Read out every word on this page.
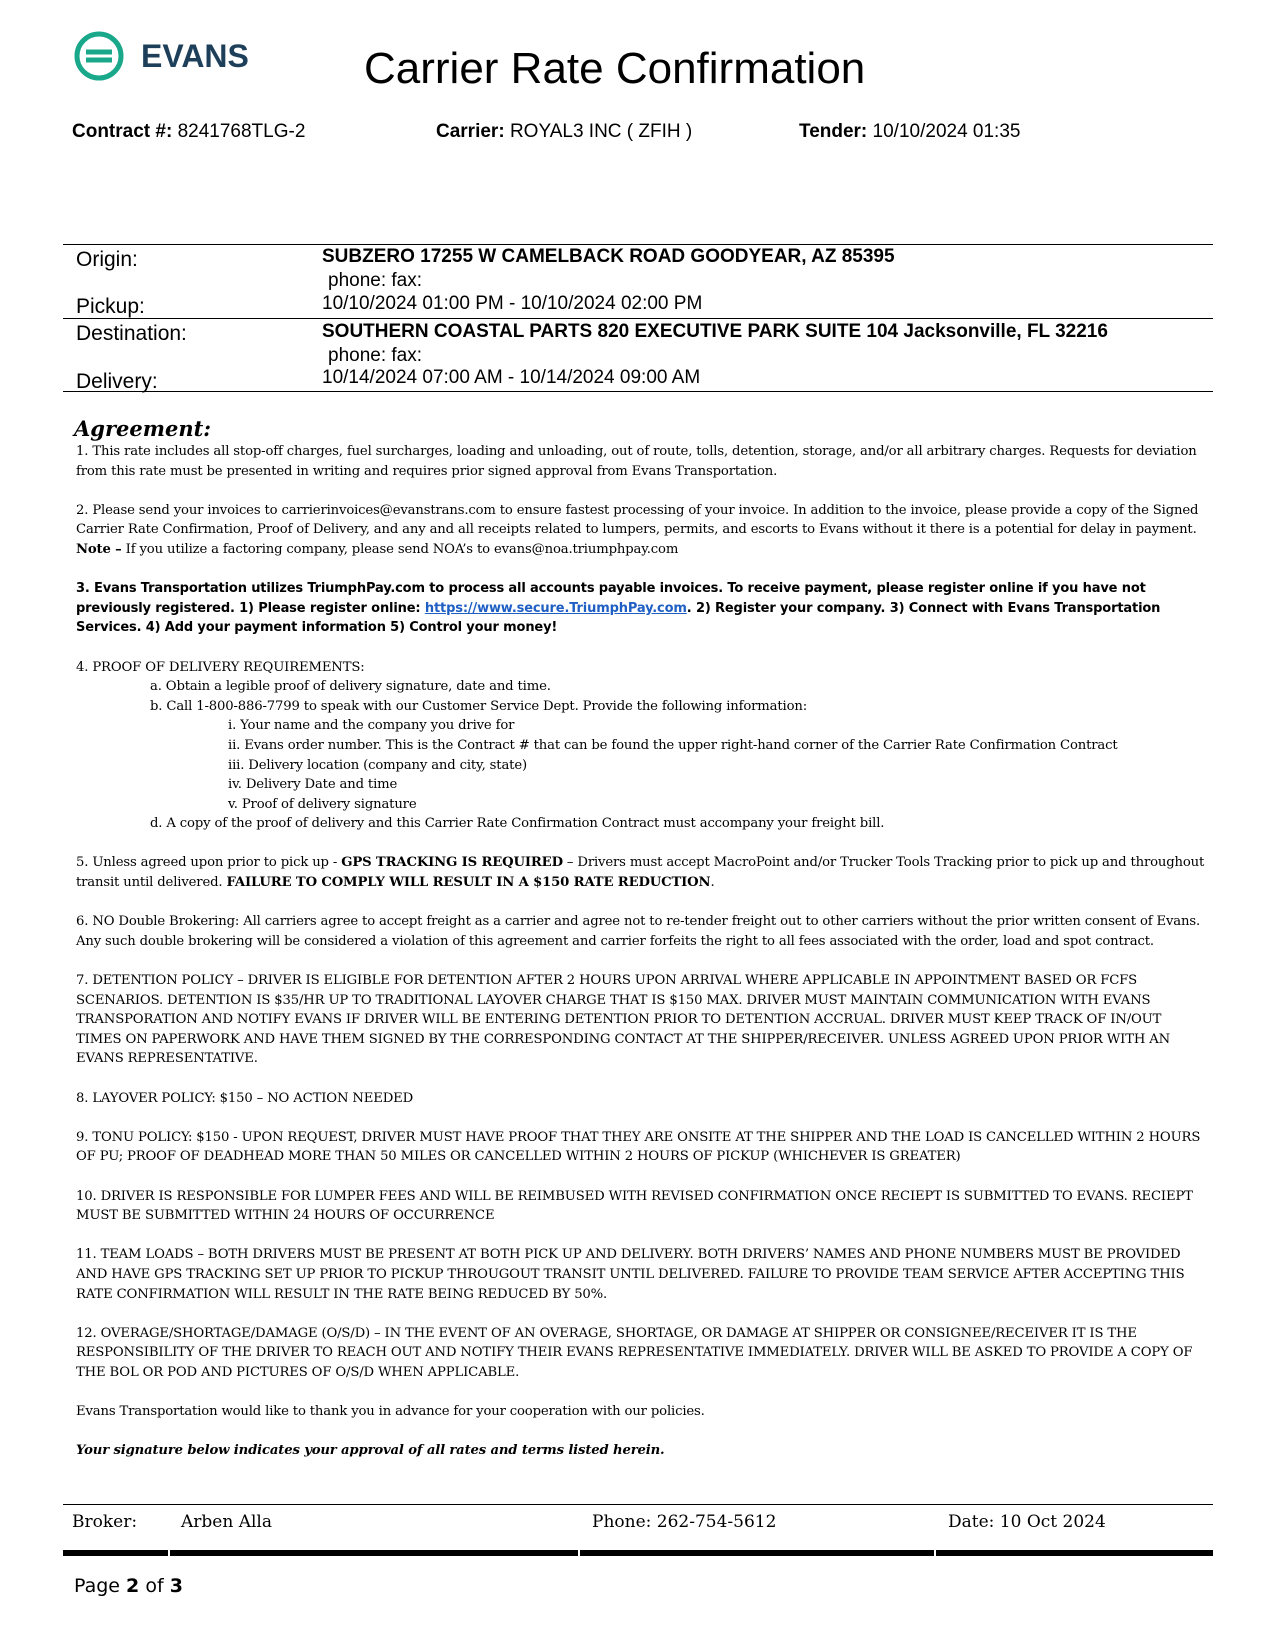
EVANS	Carrier Rate Confirmation
Contract #: 8241768TLG-2	Carrier: ROYAL3 INC ( ZFIH )	Tender: 10/10/2024 01:35
Origin:	SUBZERO 17255 W CAMELBACK ROAD GOODYEAR, AZ 85395
phone: fax:
Pickup:	10/10/2024 01:00 PM - 10/10/2024 02:00 PM
Destination:	SOUTHERN COASTAL PARTS 820 EXECUTIVE PARK SUITE 104 Jacksonville, FL 32216
phone: fax:
Delivery:	10/14/2024 07:00 AM - 10/14/2024 09:00 AM
Agreement:

1. This rate includes all stop-off charges, fuel surcharges, loading and unloading, out of route, tolls, detention, storage, and/or all arbitrary charges. Requests for deviation from this rate must be presented in writing and requires prior signed approval from Evans Transportation.

2. Please send your invoices to carrierinvoices@evanstrans.com to ensure fastest processing of your invoice. In addition to the invoice, please provide a copy of the Signed Carrier Rate Confirmation, Proof of Delivery, and any and all receipts related to lumpers, permits, and escorts to Evans without it there is a potential for delay in payment. Note – If you utilize a factoring company, please send NOA’s to evans@noa.triumphpay.com

3. Evans Transportation utilizes TriumphPay.com to process all accounts payable invoices. To receive payment, please register online if you have not previously registered. 1) Please register online: https://www.secure.TriumphPay.com. 2) Register your company. 3) Connect with Evans Transportation Services. 4) Add your payment information 5) Control your money!

4. PROOF OF DELIVERY REQUIREMENTS:
a. Obtain a legible proof of delivery signature, date and time.
b. Call 1-800-886-7799 to speak with our Customer Service Dept. Provide the following information:
i. Your name and the company you drive for
ii. Evans order number. This is the Contract # that can be found the upper right-hand corner of the Carrier Rate Confirmation Contract
iii. Delivery location (company and city, state)
iv. Delivery Date and time
v. Proof of delivery signature
d. A copy of the proof of delivery and this Carrier Rate Confirmation Contract must accompany your freight bill.

5. Unless agreed upon prior to pick up - GPS TRACKING IS REQUIRED – Drivers must accept MacroPoint and/or Trucker Tools Tracking prior to pick up and throughout transit until delivered. FAILURE TO COMPLY WILL RESULT IN A $150 RATE REDUCTION.

6. NO Double Brokering: All carriers agree to accept freight as a carrier and agree not to re-tender freight out to other carriers without the prior written consent of Evans. Any such double brokering will be considered a violation of this agreement and carrier forfeits the right to all fees associated with the order, load and spot contract.

7. DETENTION POLICY – DRIVER IS ELIGIBLE FOR DETENTION AFTER 2 HOURS UPON ARRIVAL WHERE APPLICABLE IN APPOINTMENT BASED OR FCFS SCENARIOS. DETENTION IS $35/HR UP TO TRADITIONAL LAYOVER CHARGE THAT IS $150 MAX. DRIVER MUST MAINTAIN COMMUNICATION WITH EVANS TRANSPORATION AND NOTIFY EVANS IF DRIVER WILL BE ENTERING DETENTION PRIOR TO DETENTION ACCRUAL. DRIVER MUST KEEP TRACK OF IN/OUT TIMES ON PAPERWORK AND HAVE THEM SIGNED BY THE CORRESPONDING CONTACT AT THE SHIPPER/RECEIVER. UNLESS AGREED UPON PRIOR WITH AN EVANS REPRESENTATIVE.

8. LAYOVER POLICY: $150 – NO ACTION NEEDED

9. TONU POLICY: $150 - UPON REQUEST, DRIVER MUST HAVE PROOF THAT THEY ARE ONSITE AT THE SHIPPER AND THE LOAD IS CANCELLED WITHIN 2 HOURS OF PU; PROOF OF DEADHEAD MORE THAN 50 MILES OR CANCELLED WITHIN 2 HOURS OF PICKUP (WHICHEVER IS GREATER)

10. DRIVER IS RESPONSIBLE FOR LUMPER FEES AND WILL BE REIMBUSED WITH REVISED CONFIRMATION ONCE RECIEPT IS SUBMITTED TO EVANS. RECIEPT MUST BE SUBMITTED WITHIN 24 HOURS OF OCCURRENCE

11. TEAM LOADS – BOTH DRIVERS MUST BE PRESENT AT BOTH PICK UP AND DELIVERY. BOTH DRIVERS’ NAMES AND PHONE NUMBERS MUST BE PROVIDED AND HAVE GPS TRACKING SET UP PRIOR TO PICKUP THROUGOUT TRANSIT UNTIL DELIVERED. FAILURE TO PROVIDE TEAM SERVICE AFTER ACCEPTING THIS RATE CONFIRMATION WILL RESULT IN THE RATE BEING REDUCED BY 50%.

12. OVERAGE/SHORTAGE/DAMAGE (O/S/D) – IN THE EVENT OF AN OVERAGE, SHORTAGE, OR DAMAGE AT SHIPPER OR CONSIGNEE/RECEIVER IT IS THE RESPONSIBILITY OF THE DRIVER TO REACH OUT AND NOTIFY THEIR EVANS REPRESENTATIVE IMMEDIATELY. DRIVER WILL BE ASKED TO PROVIDE A COPY OF THE BOL OR POD AND PICTURES OF O/S/D WHEN APPLICABLE.

Evans Transportation would like to thank you in advance for your cooperation with our policies.

Your signature below indicates your approval of all rates and terms listed herein.

Broker:	Arben Alla	Phone: 262-754-5612	Date: 10 Oct 2024
Page 2 of 3
